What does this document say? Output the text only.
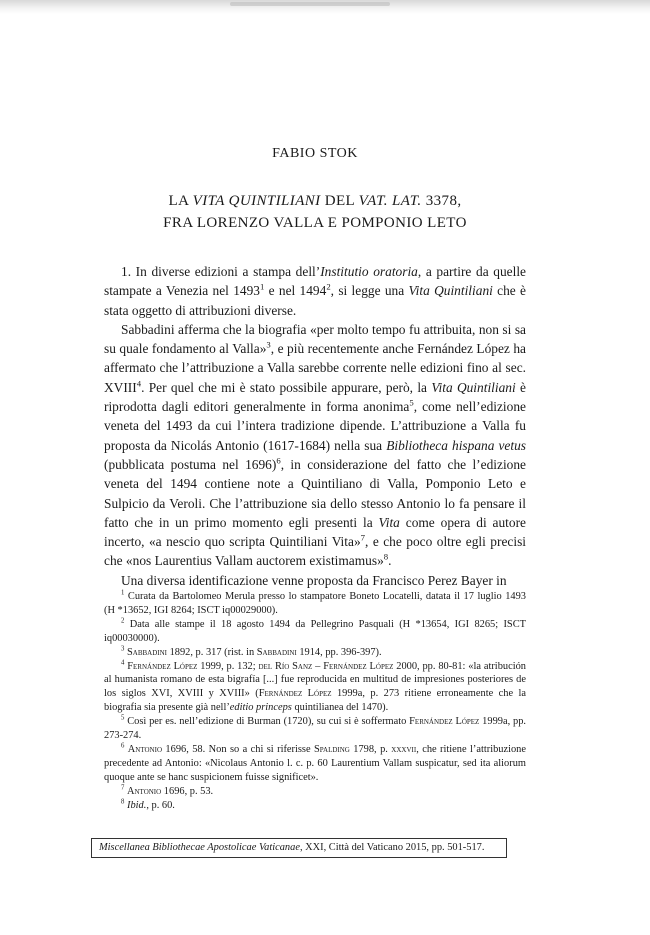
FABIO STOK
LA VITA QUINTILIANI DEL VAT. LAT. 3378,
FRA LORENZO VALLA E POMPONIO LETO

1. In diverse edizioni a stampa dell’Institutio oratoria, a partire da quelle stampate a Venezia nel 1493$^1$ e nel 1494$^2$, si legge una Vita Quintiliani che è stata oggetto di attribuzioni diverse.

Sabbadini afferma che la biografia «per molto tempo fu attribuita, non si sa su quale fondamento al Valla»$^3$, e più recentemente anche Fernández López ha affermato che l’attribuzione a Valla sarebbe corrente nelle edizioni fino al sec. XVIII$^4$. Per quel che mi è stato possibile appurare, però, la Vita Quintiliani è riprodotta dagli editori generalmente in forma anonima$^5$, come nell’edizione veneta del 1493 da cui l’intera tradizione dipende. L’attribuzione a Valla fu proposta da Nicolás Antonio (1617-1684) nella sua Bibliotheca hispana vetus (pubblicata postuma nel 1696)$^6$, in considerazione del fatto che l’edizione veneta del 1494 contiene note a Quintiliano di Valla, Pomponio Leto e Sulpicio da Veroli. Che l’attribuzione sia dello stesso Antonio lo fa pensare il fatto che in un primo momento egli presenti la Vita come opera di autore incerto, «a nescio quo scripta Quintiliani Vita»$^7$, e che poco oltre egli precisi che «nos Laurentius Vallam auctorem existimamus»$^8$.

Una diversa identificazione venne proposta da Francisco Perez Bayer in

$^1$ Curata da Bartolomeo Merula presso lo stampatore Boneto Locatelli, datata il 17 luglio 1493 (H *13652, IGI 8264; ISCT iq00029000).

$^2$ Data alle stampe il 18 agosto 1494 da Pellegrino Pasquali (H *13654, IGI 8265; ISCT iq00030000).

$^3$ Sabbadini 1892, p. 317 (rist. in Sabbadini 1914, pp. 396-397).

$^4$ Fernández López 1999, p. 132; del Río Sanz – Fernández López 2000, pp. 80-81: «la atribución al humanista romano de esta bigrafía [...] fue reproducida en multitud de impresiones posteriores de los siglos XVI, XVIII y XVIII» (Fernández López 1999a, p. 273 ritiene erroneamente che la biografia sia presente già nell’editio princeps quintilianea del 1470).

$^5$ Così per es. nell’edizione di Burman (1720), su cui si è soffermato Fernández López 1999a, pp. 273-274.

$^6$ Antonio 1696, 58. Non so a chi si riferisse Spalding 1798, p. xxxvii, che ritiene l’attribuzione precedente ad Antonio: «Nicolaus Antonio l. c. p. 60 Laurentium Vallam suspicatur, sed ita aliorum quoque ante se hanc suspicionem fuisse significet».

$^7$ Antonio 1696, p. 53.

$^8$ Ibid., p. 60.

Miscellanea Bibliothecae Apostolicae Vaticanae, XXI, Città del Vaticano 2015, pp. 501-517.
